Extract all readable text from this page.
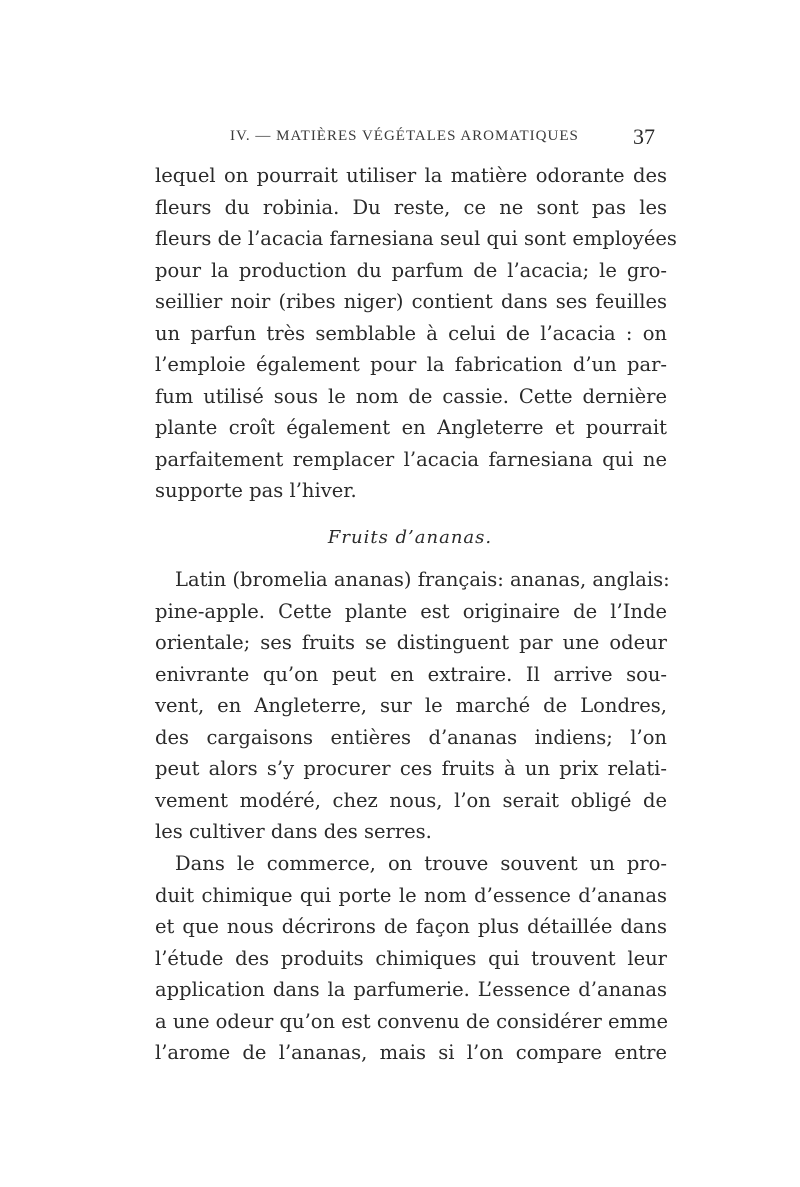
IV. — MATIÈRES VÉGÉTALES AROMATIQUES 37
lequel on pourrait utiliser la matière odorante des
fleurs du robinia. Du reste, ce ne sont pas les
fleurs de l’acacia farnesiana seul qui sont employées
pour la production du parfum de l’acacia; le gro-
seillier noir (ribes niger) contient dans ses feuilles
un parfun très semblable à celui de l’acacia : on
l’emploie également pour la fabrication d’un par-
fum utilisé sous le nom de cassie. Cette dernière
plante croît également en Angleterre et pourrait
parfaitement remplacer l’acacia farnesiana qui ne
supporte pas l’hiver.
Fruits d’ananas.
Latin (bromelia ananas) français: ananas, anglais:
pine-apple. Cette plante est originaire de l’Inde
orientale; ses fruits se distinguent par une odeur
enivrante qu’on peut en extraire. Il arrive sou-
vent, en Angleterre, sur le marché de Londres,
des cargaisons entières d’ananas indiens; l’on
peut alors s’y procurer ces fruits à un prix relati-
vement modéré, chez nous, l’on serait obligé de
les cultiver dans des serres.
Dans le commerce, on trouve souvent un pro-
duit chimique qui porte le nom d’essence d’ananas
et que nous décrirons de façon plus détaillée dans
l’étude des produits chimiques qui trouvent leur
application dans la parfumerie. L’essence d’ananas
a une odeur qu’on est convenu de considérer emme
l’arome de l’ananas, mais si l’on compare entre
